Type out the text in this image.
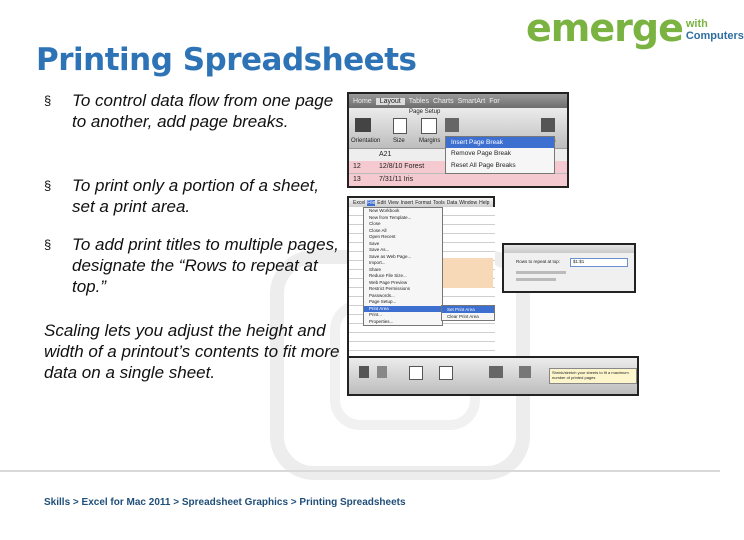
emerge with
Computers
Printing Spreadsheets
§ To control data flow from one page to another, add page breaks.
§ To print only a portion of a sheet, set a print area.
§ To add print titles to multiple pages, designate the “Rows to repeat at top.”
Scaling lets you adjust the height and width of a printout’s contents to fit more data on a single sheet.
Home	Layout	Tables Charts SmartArt For
Page Setup
Orientation Size Margins
A21
12	12/8/10 Forest
13	7/31/11 Iris
Insert Page Break
Remove Page Break
Reset All Page Breaks
Excel File Edit View Insert Format Tools Data Window Help
New Workbook
New from Template...
Close
Close All
Open Recent
Save
Save As...
Save as Web Page...
Import...
Share
Reduce File Size...
Web Page Preview
Restrict Permissions
Passwords...
Page Setup...
Print Area
Print...
Properties...
Set Print Area
Clear Print Area
Rows to repeat at top:	$1:$1
Shrink/stretch your sheets to fit a maximum number of printed pages
Skills > Excel for Mac 2011 > Spreadsheet Graphics > Printing Spreadsheets
